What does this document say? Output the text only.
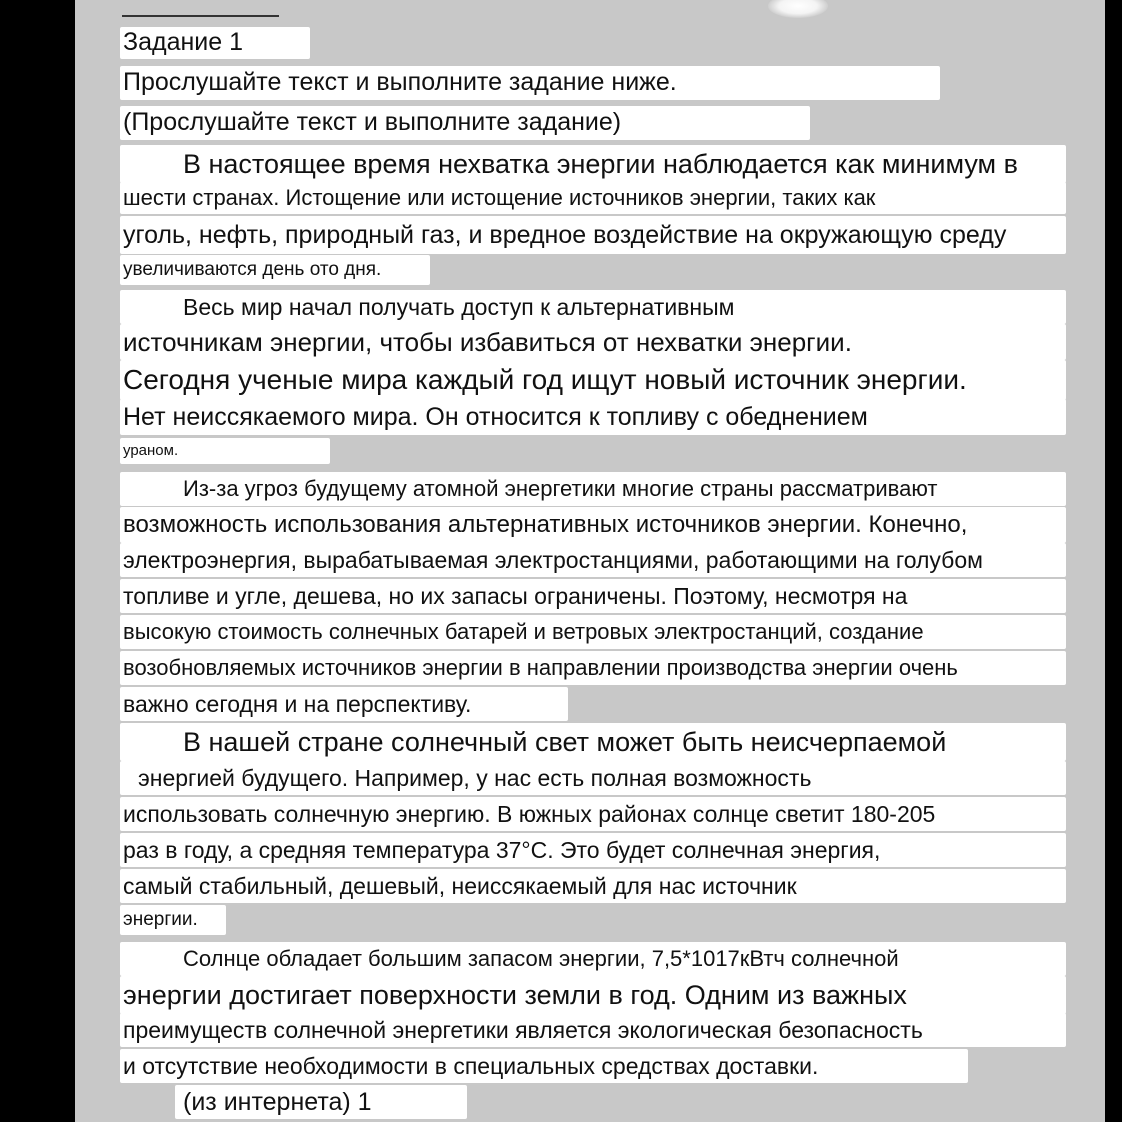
Задание 1
Прослушайте текст и выполните задание ниже.
(Прослушайте текст и выполните задание)
В настоящее время нехватка энергии наблюдается как минимум в
шести странах. Истощение или истощение источников энергии, таких как
уголь, нефть, природный газ, и вредное воздействие на окружающую среду
увеличиваются день ото дня.
Весь мир начал получать доступ к альтернативным
источникам энергии, чтобы избавиться от нехватки энергии.
Сегодня ученые мира каждый год ищут новый источник энергии.
Нет неиссякаемого мира. Он относится к топливу с обеднением
ураном.
Из-за угроз будущему атомной энергетики многие страны рассматривают
возможность использования альтернативных источников энергии. Конечно,
электроэнергия, вырабатываемая электростанциями, работающими на голубом
топливе и угле, дешева, но их запасы ограничены. Поэтому, несмотря на
высокую стоимость солнечных батарей и ветровых электростанций, создание
возобновляемых источников энергии в направлении производства энергии очень
важно сегодня и на перспективу.
В нашей стране солнечный свет может быть неисчерпаемой
энергией будущего. Например, у нас есть полная возможность
использовать солнечную энергию. В южных районах солнце светит 180-205
раз в году, а средняя температура 37°С. Это будет солнечная энергия,
самый стабильный, дешевый, неиссякаемый для нас источник
энергии.
Солнце обладает большим запасом энергии, 7,5*1017кВтч солнечной
энергии достигает поверхности земли в год. Одним из важных
преимуществ солнечной энергетики является экологическая безопасность
и отсутствие необходимости в специальных средствах доставки.
(из интернета) 1
